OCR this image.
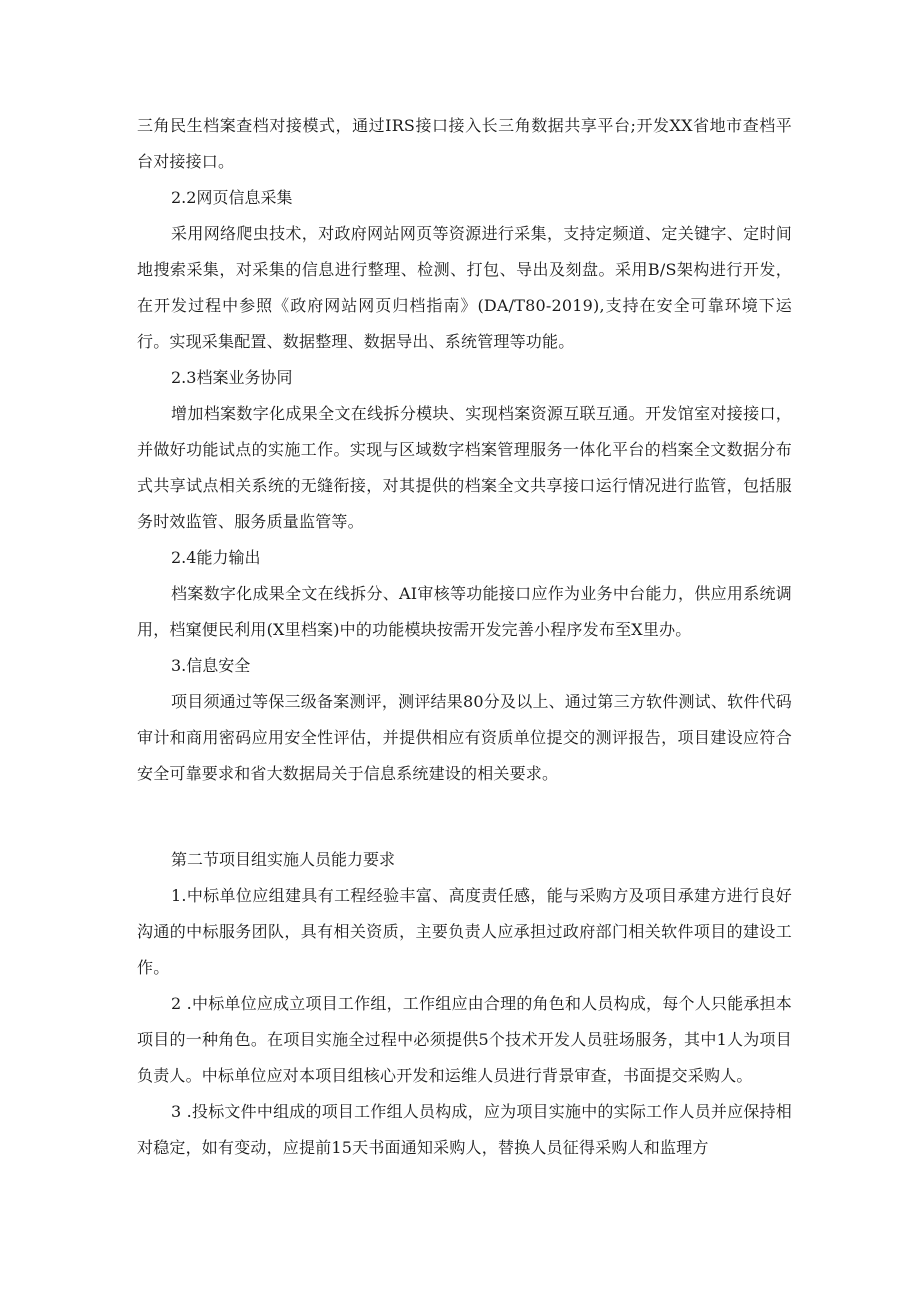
三角民生档案查档对接模式，通过IRS接口接入长三角数据共享平台;开发XX省地市查档平台对接接口。

2.2网页信息采集

采用网络爬虫技术，对政府网站网页等资源进行采集，支持定频道、定关键字、定时间地搜索采集，对采集的信息进行整理、检测、打包、导出及刻盘。采用B/S架构进行开发，在开发过程中参照《政府网站网页归档指南》(DA/T80-2019),支持在安全可靠环境下运行。实现采集配置、数据整理、数据导出、系统管理等功能。

2.3档案业务协同

增加档案数字化成果全文在线拆分模块、实现档案资源互联互通。开发馆室对接接口，并做好功能试点的实施工作。实现与区域数字档案管理服务一体化平台的档案全文数据分布式共享试点相关系统的无缝衔接，对其提供的档案全文共享接口运行情况进行监管，包括服务时效监管、服务质量监管等。

2.4能力输出

档案数字化成果全文在线拆分、AI审核等功能接口应作为业务中台能力，供应用系统调用，档窠便民利用(X里档案)中的功能模块按需开发完善小程序发布至X里办。

3.信息安全

项目须通过等保三级备案测评，测评结果80分及以上、通过第三方软件测试、软件代码审计和商用密码应用安全性评估，并提供相应有资质单位提交的测评报告，项目建设应符合安全可靠要求和省大数据局关于信息系统建设的相关要求。

第二节项目组实施人员能力要求

1.中标单位应组建具有工程经验丰富、高度责任感，能与采购方及项目承建方进行良好沟通的中标服务团队，具有相关资质，主要负责人应承担过政府部门相关软件项目的建设工作。

2 .中标单位应成立项目工作组，工作组应由合理的角色和人员构成，每个人只能承担本项目的一种角色。在项目实施全过程中必须提供5个技术开发人员驻场服务，其中1人为项目负责人。中标单位应对本项目组核心开发和运维人员进行背景审查，书面提交采购人。

3 .投标文件中组成的项目工作组人员构成，应为项目实施中的实际工作人员并应保持相对稳定，如有变动，应提前15天书面通知采购人，替换人员征得采购人和监理方
